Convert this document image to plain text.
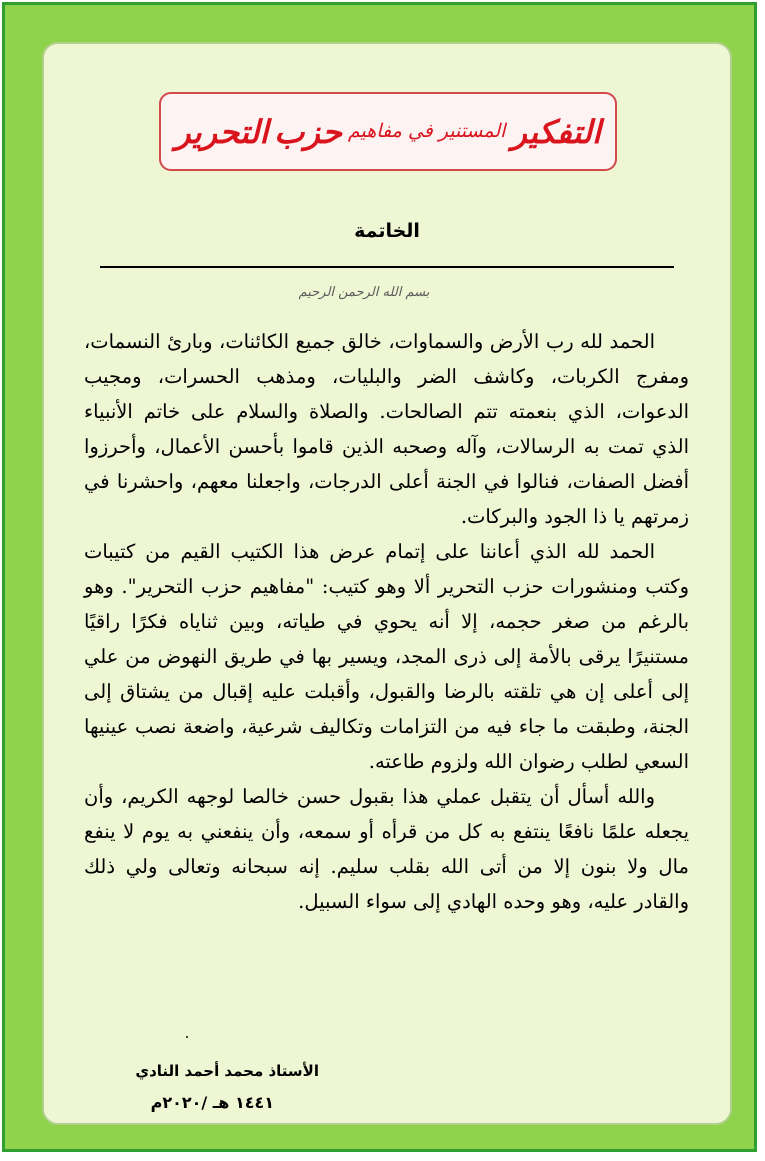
التفكير
المستنير
في
مفاهيم
حزب
التحرير
الخاتمة
بسم الله الرحمن الرحيم

الحمد لله رب الأرض والسماوات، خالق جميع الكائنات، وبارئ النسمات، ومفرج الكربات، وكاشف الضر والبليات، ومذهب الحسرات، ومجيب الدعوات، الذي بنعمته تتم الصالحات. والصلاة والسلام على خاتم الأنبياء الذي تمت به الرسالات، وآله وصحبه الذين قاموا بأحسن الأعمال، وأحرزوا أفضل الصفات، فنالوا في الجنة أعلى الدرجات، واجعلنا معهم، واحشرنا في زمرتهم يا ذا الجود والبركات.

الحمد لله الذي أعاننا على إتمام عرض هذا الكتيب القيم من كتيبات وكتب ومنشورات حزب التحرير ألا وهو كتيب: "مفاهيم حزب التحرير". وهو بالرغم من صغر حجمه، إلا أنه يحوي في طياته، وبين ثناياه فكرًا راقيًا مستنيرًا يرقى بالأمة إلى ذرى المجد، ويسير بها في طريق النهوض من علي إلى أعلى إن هي تلقته بالرضا والقبول، وأقبلت عليه إقبال من يشتاق إلى الجنة، وطبقت ما جاء فيه من التزامات وتكاليف شرعية، واضعة نصب عينيها السعي لطلب رضوان الله ولزوم طاعته.

والله أسأل أن يتقبل عملي هذا بقبول حسن خالصا لوجهه الكريم، وأن يجعله علمًا نافعًا ينتفع به كل من قرأه أو سمعه، وأن ينفعني به يوم لا ينفع مال ولا بنون إلا من أتى الله بقلب سليم. إنه سبحانه وتعالى ولي ذلك والقادر عليه، وهو وحده الهادي إلى سواء السبيل.

الأستاذ محمد أحمد النادي
١٤٤١ هـ /٢٠٢٠م
